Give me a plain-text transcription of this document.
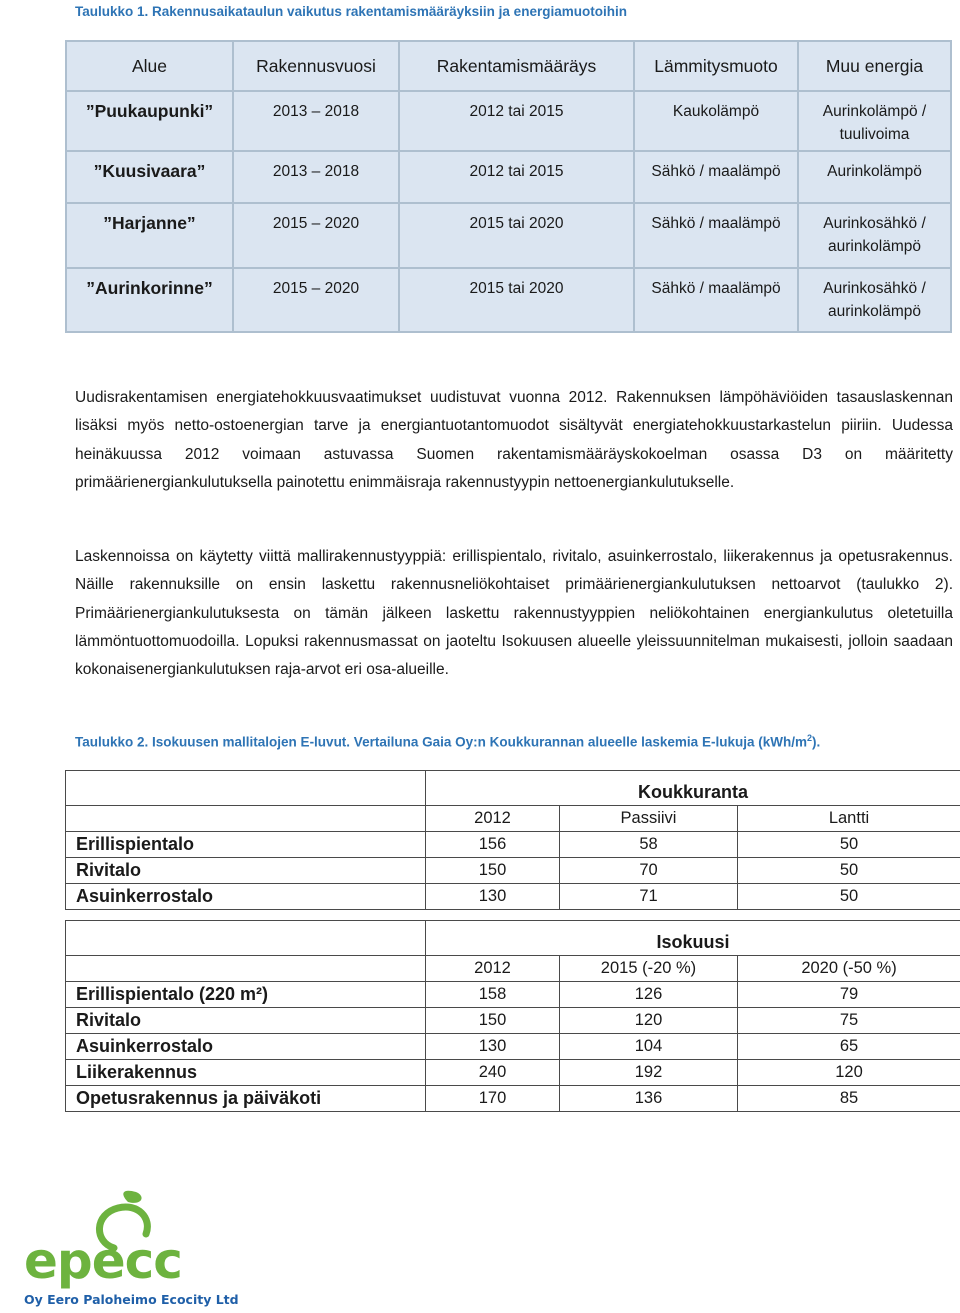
Taulukko 1. Rakennusaikataulun vaikutus rakentamismääräyksiin ja energiamuotoihin
Alue	Rakennusvuosi	Rakentamismääräys	Lämmitysmuoto	Muu energia
”Puukaupunki”	2013 – 2018	2012 tai 2015	Kaukolämpö	Aurinkolämpö /
tuulivoima
”Kuusivaara”	2013 – 2018	2012 tai 2015	Sähkö / maalämpö	Aurinkolämpö
”Harjanne”	2015 – 2020	2015 tai 2020	Sähkö / maalämpö	Aurinkosähkö /
aurinkolämpö
”Aurinkorinne”	2015 – 2020	2015 tai 2020	Sähkö / maalämpö	Aurinkosähkö /
aurinkolämpö

Uudisrakentamisen energiatehokkuusvaatimukset uudistuvat vuonna 2012. Rakennuksen lämpöhäviöiden tasauslaskennan lisäksi myös netto-ostoenergian tarve ja energiantuotantomuodot sisältyvät energiatehokkuustarkastelun piiriin. Uudessa heinäkuussa 2012 voimaan astuvassa Suomen rakentamismääräyskokoelman osassa D3 on määritetty primäärienergiankulutuksella painotettu enimmäisraja rakennustyypin nettoenergiankulutukselle.

Laskennoissa on käytetty viittä mallirakennustyyppiä: erillispientalo, rivitalo, asuinkerrostalo, liikerakennus ja opetusrakennus. Näille rakennuksille on ensin laskettu rakennusneliökohtaiset primäärienergiankulutuksen nettoarvot (taulukko 2). Primäärienergiankulutuksesta on tämän jälkeen laskettu rakennustyyppien neliökohtainen energiankulutus oletetuilla lämmöntuottomuodoilla. Lopuksi rakennusmassat on jaoteltu Isokuusen alueelle yleissuunnitelman mukaisesti, jolloin saadaan kokonaisenergiankulutuksen raja-arvot eri osa-alueille.

Taulukko 2. Isokuusen mallitalojen E-luvut. Vertailuna Gaia Oy:n Koukkurannan alueelle laskemia E-lukuja $(kWh/m^2)$.
	Koukkuranta		
	2012	Passiivi	Lantti
Erillispientalo	156	58	50
Rivitalo	150	70	50
Asuinkerrostalo	130	71	50
	Isokuusi		
	2012	2015 (-20 %)	2020 (-50 %)
Erillispientalo (220 m²)	158	126	79
Rivitalo	150	120	75
Asuinkerrostalo	130	104	65
Liikerakennus	240	192	120
Opetusrakennus ja päiväkoti	170	136	85
epecc
Oy Eero Paloheimo Ecocity Ltd
